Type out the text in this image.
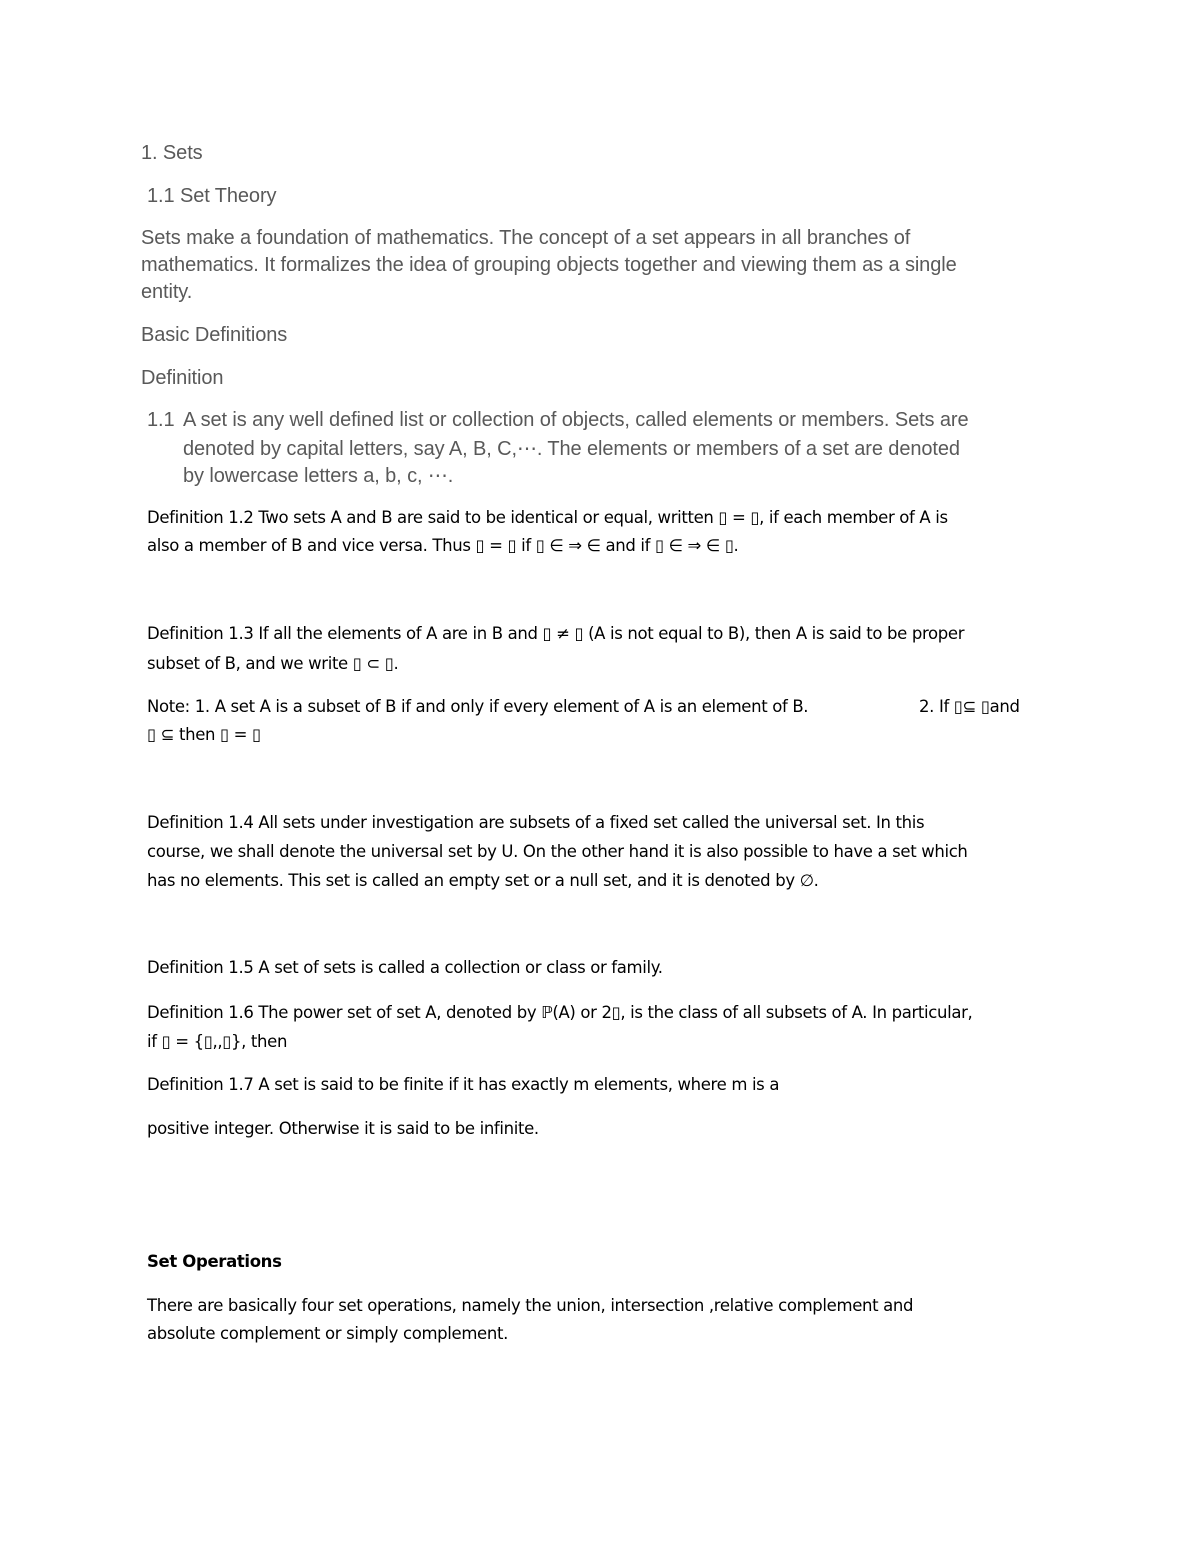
1. Sets

1.1 Set Theory

Sets make a foundation of mathematics. The concept of a set appears in all branches of

mathematics. It formalizes the idea of grouping objects together and viewing them as a single

entity.

Basic Definitions

Definition

1.1 A set is any well defined list or collection of objects, called elements or members. Sets are

denoted by capital letters, say A, B, C,⋯. The elements or members of a set are denoted

by lowercase letters a, b, c, ⋯.

Definition 1.2 Two sets A and B are said to be identical or equal, written ▯ = ▯, if each member of A is

also a member of B and vice versa. Thus ▯ = ▯ if ▯ ∈ ⇒ ∈ and if ▯ ∈ ⇒ ∈ ▯.

Definition 1.3 If all the elements of A are in B and ▯ ≠ ▯ (A is not equal to B), then A is said to be proper

subset of B, and we write ▯ ⊂ ▯.

Note: 1. A set A is a subset of B if and only if every element of A is an element of B.	2. If ▯⊆ ▯and

▯ ⊆ then ▯ = ▯

Definition 1.4 All sets under investigation are subsets of a fixed set called the universal set. In this

course, we shall denote the universal set by U. On the other hand it is also possible to have a set which

has no elements. This set is called an empty set or a null set, and it is denoted by ∅.

Definition 1.5 A set of sets is called a collection or class or family.

Definition 1.6 The power set of set A, denoted by ℙ(A) or 2▯, is the class of all subsets of A. In particular,

if ▯ = {▯,,▯}, then

Definition 1.7 A set is said to be finite if it has exactly m elements, where m is a

positive integer. Otherwise it is said to be infinite.

Set Operations

There are basically four set operations, namely the union, intersection ,relative complement and

absolute complement or simply complement.
